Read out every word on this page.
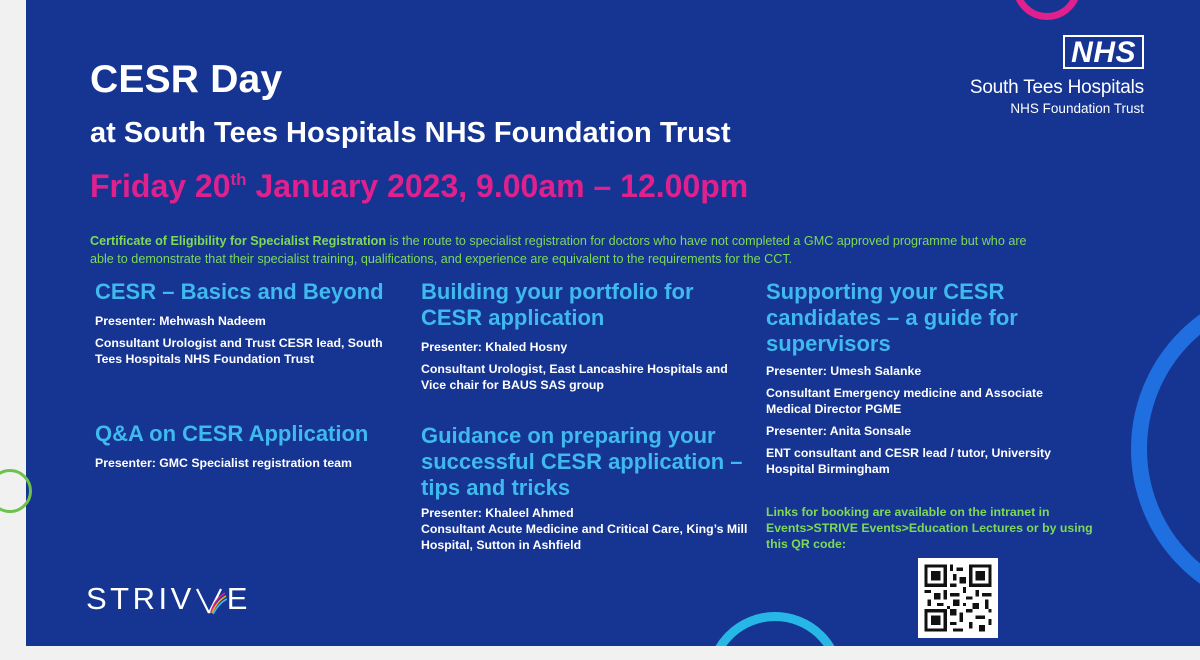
CESR Day
at South Tees Hospitals NHS Foundation Trust
Friday 20th January 2023, 9.00am – 12.00pm

Certificate of Eligibility for Specialist Registration is the route to specialist registration for doctors who have not completed a GMC approved programme but who are able to demonstrate that their specialist training, qualifications, and experience are equivalent to the requirements for the CCT.

CESR – Basics and Beyond

Presenter: Mehwash Nadeem

Consultant Urologist and Trust CESR lead, South Tees Hospitals NHS Foundation Trust

Q&A on CESR Application

Presenter: GMC Specialist registration team

Building your portfolio for CESR application

Presenter: Khaled Hosny

Consultant Urologist, East Lancashire Hospitals and Vice chair for BAUS SAS group

Guidance on preparing your successful CESR application – tips and tricks

Presenter: Khaleel Ahmed

Consultant Acute Medicine and Critical Care, King’s Mill Hospital, Sutton in Ashfield

Supporting your CESR candidates – a guide for supervisors

Presenter: Umesh Salanke

Consultant Emergency medicine and Associate Medical Director PGME

Presenter: Anita Sonsale

ENT consultant and CESR lead / tutor, University Hospital Birmingham

Links for booking are available on the intranet in Events>STRIVE Events>Education Lectures or by using this QR code:

NHS
South Tees Hospitals
NHS Foundation Trust
STRIV E
